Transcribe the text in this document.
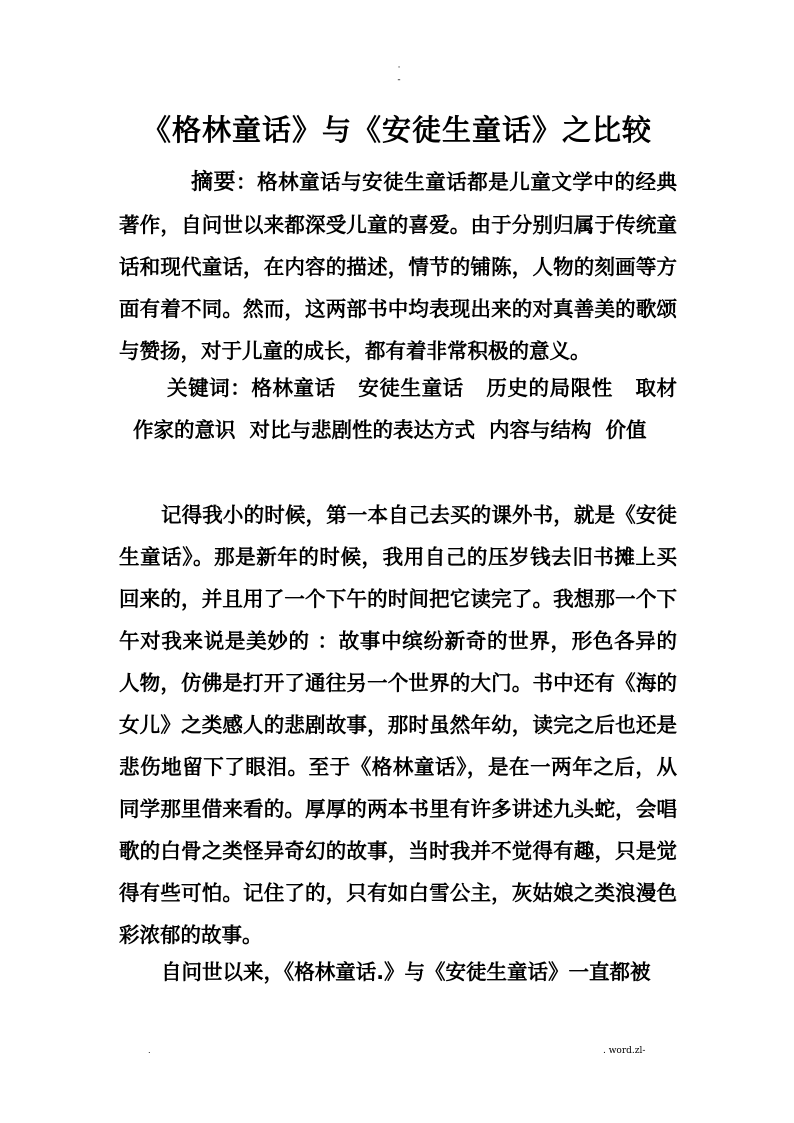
·
-
《格林童话》与《安徒生童话》之比较
摘要：格林童话与安徒生童话都是儿童文学中的经典著作，自问世以来都深受儿童的喜爱。由于分别归属于传统童话和现代童话，在内容的描述，情节的铺陈，人物的刻画等方面有着不同。然而，这两部书中均表现出来的对真善美的歌颂与赞扬，对于儿童的成长，都有着非常积极的意义。
关键词：格林童话 安徒生童话 历史的局限性 取材作家的意识 对比与悲剧性的表达方式 内容与结构 价值
记得我小的时候，第一本自己去买的课外书，就是《安徒生童话》。那是新年的时候，我用自己的压岁钱去旧书摊上买回来的，并且用了一个下午的时间把它读完了。我想那一个下午对我来说是美妙的 ：故事中缤纷新奇的世界，形色各异的人物，仿佛是打开了通往另一个世界的大门。书中还有《海的女儿》之类感人的悲剧故事，那时虽然年幼，读完之后也还是悲伤地留下了眼泪。至于《格林童话》，是在一两年之后，从同学那里借来看的。厚厚的两本书里有许多讲述九头蛇，会唱歌的白骨之类怪异奇幻的故事，当时我并不觉得有趣，只是觉得有些可怕。记住了的，只有如白雪公主，灰姑娘之类浪漫色彩浓郁的故事。
自问世以来，《格林童话.》与《安徒生童话》一直都被
.	. word.zl-
